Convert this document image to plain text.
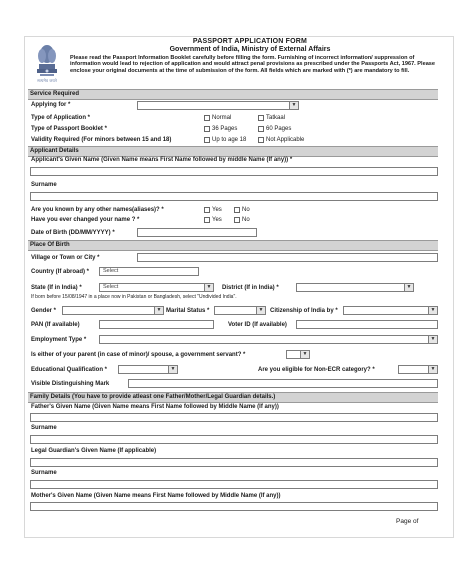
सत्यमेव जयते
PASSPORT APPLICATION FORM
Government of India, Ministry of External Affairs
Please read the Passport Information Booklet carefully before filling the form. Furnishing of incorrect information/ suppression of information would lead to rejection of application and would attract penal provisions as prescribed under the Passports Act, 1967. Please enclose your original documents at the time of submission of the form. All fields which are marked with (*) are mandatory to fill.
Service Required
Applying for *	▼
Type of Application *	Normal	Tatkaal
Type of Passport Booklet *	36 Pages	60 Pages
Validity Required (For minors between 15 and 18)	Up to age 18	Not Applicable
Applicant Details
Applicant's Given Name (Given Name means First Name followed by middle Name (If any)) *
Surname
Are you known by any other names(aliases)? *	Yes	No
Have you ever changed your name ? *	Yes	No
Date of Birth (DD/MM/YYYY) *
Place Of Birth
Village or Town or City *
Country (If abroad) *	Select
State (If in India) *	Select	▼ District (If in India) *	▼
If born before 15/08/1947 in a place now in Pakistan or Bangladesh, select "Undivided India".
Gender *	▼ Marital Status *	▼ Citizenship of India by *	▼
PAN (If available)	Voter ID (If available)
Employment Type *	▼
Is either of your parent (in case of minor)/ spouse, a government servant? *	▼
Educational Qualification *	▼	Are you eligible for Non-ECR category? *	▼
Visible Distinguishing Mark
Family Details (You have to provide atleast one Father/Mother/Legal Guardian details.)
Father's Given Name (Given Name means First Name followed by Middle Name (If any))
Surname
Legal Guardian's Given Name (If applicable)
Surname
Mother's Given Name (Given Name means First Name followed by Middle Name (If any))
Page of
